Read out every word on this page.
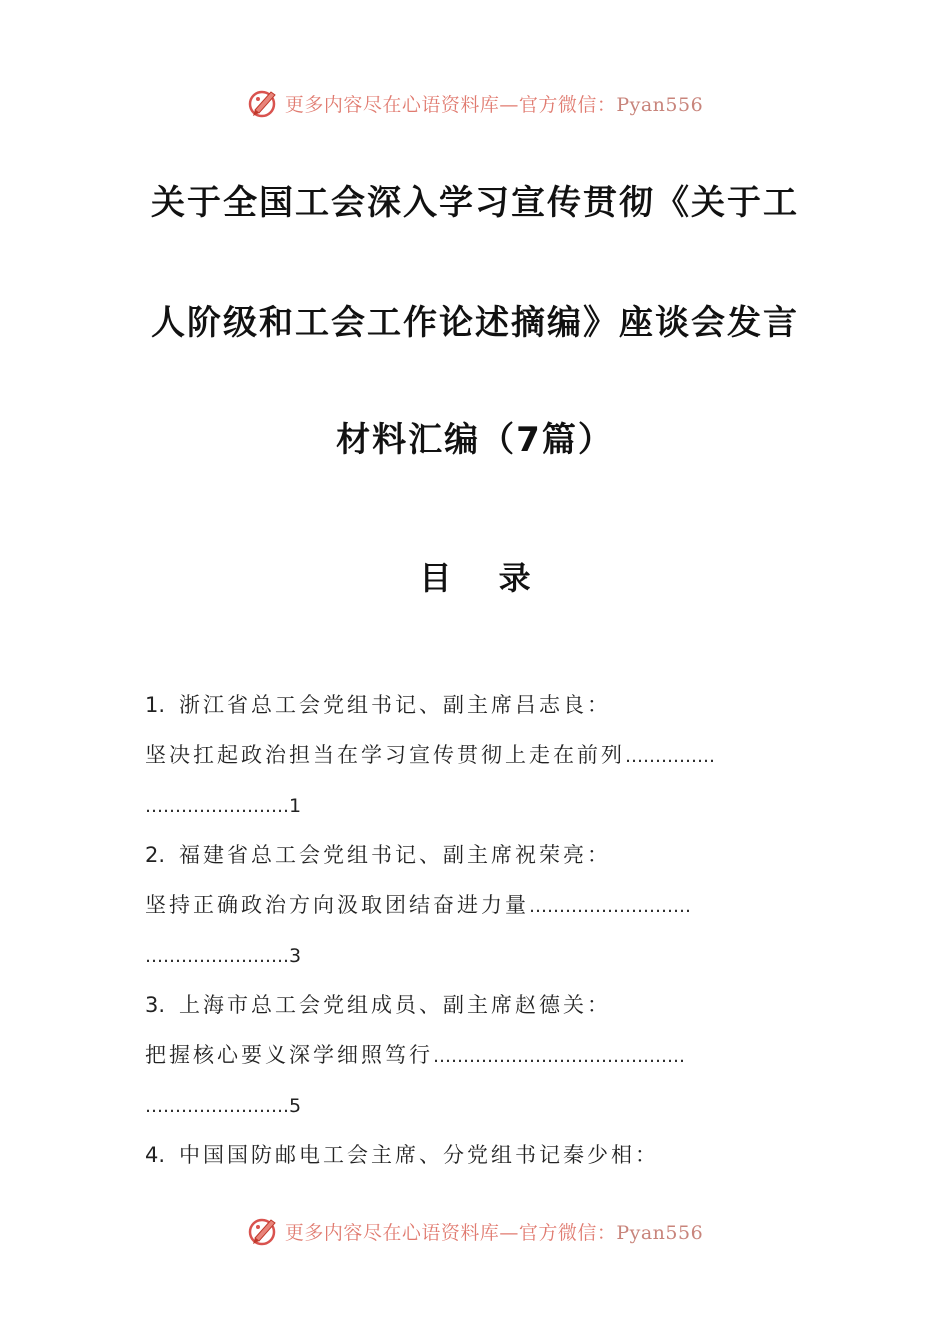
更多内容尽在心语资料库—官方微信：Pyan556
关于全国工会深入学习宣传贯彻《关于工
人阶级和工会工作论述摘编》座谈会发言
材料汇编（7篇）
目 录
1. 浙江省总工会党组书记、副主席吕志良：
坚决扛起政治担当在学习宣传贯彻上走在前列……………
……………………1
2. 福建省总工会党组书记、副主席祝荣亮：
坚持正确政治方向汲取团结奋进力量………………………
……………………3
3. 上海市总工会党组成员、副主席赵德关：
把握核心要义深学细照笃行……………………………………
……………………5
4. 中国国防邮电工会主席、分党组书记秦少相：
更多内容尽在心语资料库—官方微信：Pyan556
